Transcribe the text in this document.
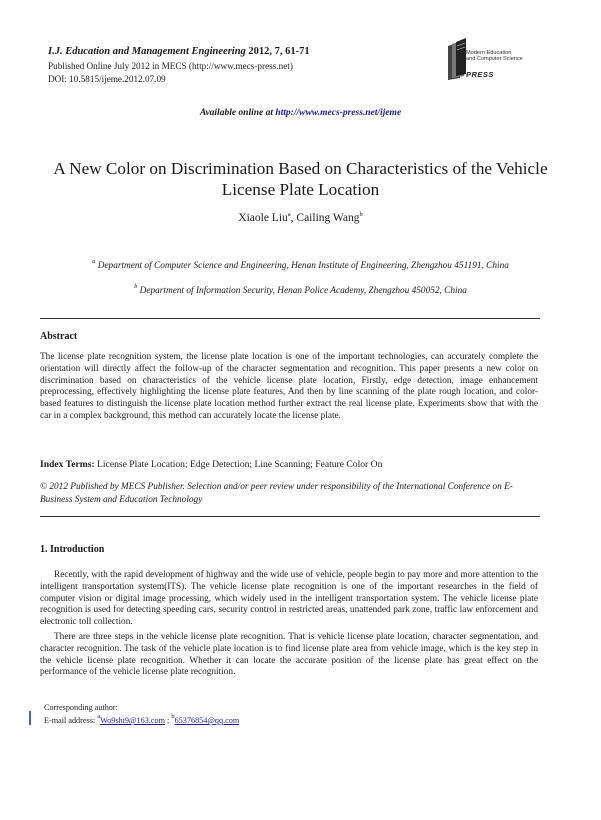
I.J. Education and Management Engineering 2012, 7, 61-71
Published Online July 2012 in MECS (http://www.mecs-press.net)
DOI: 10.5815/ijeme.2012.07.09
Modern Education
and Computer Science
PRESS
Available online at http://www.mecs-press.net/ijeme
A New Color on Discrimination Based on Characteristics of the Vehicle License Plate Location
Xiaole Liu$^a$, Cailing Wang$^b$
$^a$ Department of Computer Science and Engineering, Henan Institute of Engineering, Zhengzhou 451191, China
$^b$ Department of Information Security, Henan Police Academy, Zhengzhou 450052, China
Abstract
The license plate recognition system, the license plate location is one of the important technologies, can accurately complete the orientation will directly affect the follow-up of the character segmentation and recognition. This paper presents a new color on discrimination based on characteristics of the vehicle license plate location, Firstly, edge detection, image enhancement preprocessing, effectively highlighting the license plate features, And then by line scanning of the plate rough location, and color-based features to distinguish the license plate location method further extract the real license plate. Experiments show that with the car in a complex background, this method can accurately locate the license plate.
Index Terms: License Plate Location; Edge Detection; Line Scanning; Feature Color On
© 2012 Published by MECS Publisher. Selection and/or peer review under responsibility of the International Conference on E-Business System and Education Technology
1. Introduction
Recently, with the rapid development of highway and the wide use of vehicle, people begin to pay more and more attention to the intelligent transportation system(ITS). The vehicle license plate recognition is one of the important researches in the field of computer vision or digital image processing, which widely used in the intelligent transportation system. The vehicle license plate recognition is used for detecting speeding cars, security control in restricted areas, unattended park zone, traffic law enforcement and electronic toll collection.
There are three steps in the vehicle license plate recognition. That is vehicle license plate location, character segmentation, and character recognition. The task of the vehicle plate location is to find license plate area from vehicle image, which is the key step in the vehicle license plate recognition. Whether it can locate the accurate position of the license plate has great effect on the performance of the vehicle license plate recognition.
Corresponding author:
E-mail address: $^a$Wo9shi9@163.com ; $^b$65376854@qq.com
